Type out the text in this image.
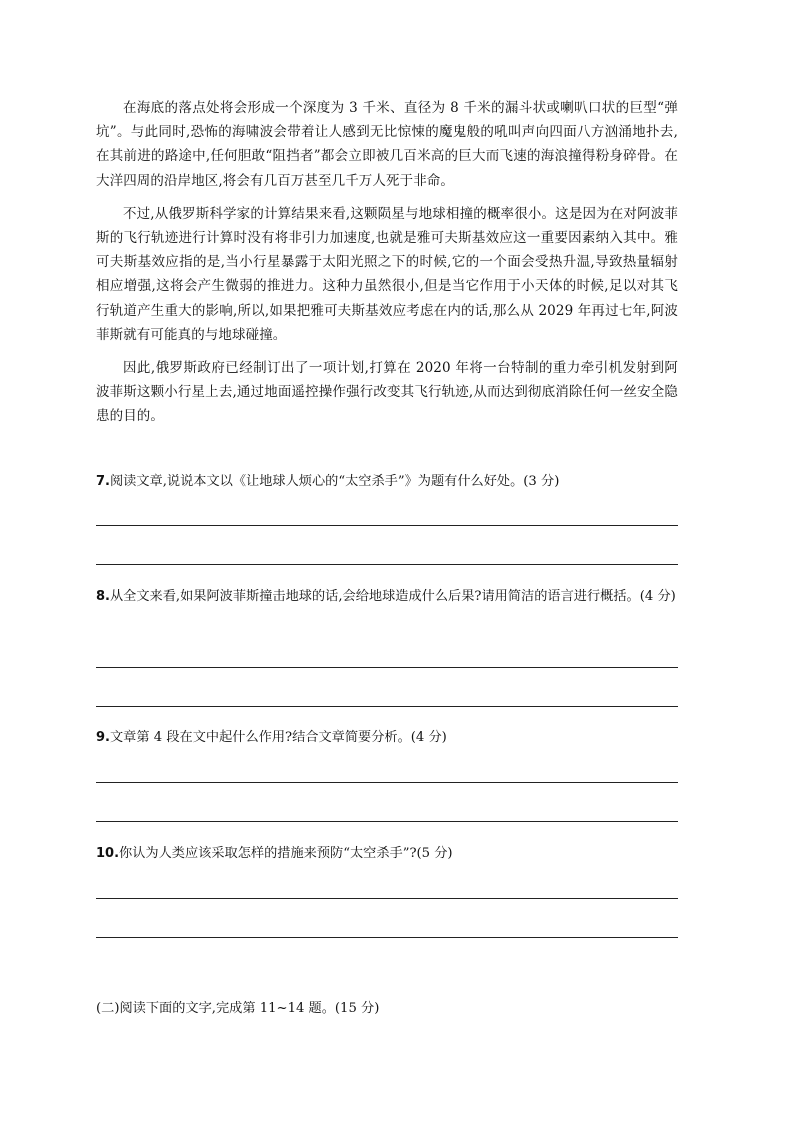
在海底的落点处将会形成一个深度为 3 千米、直径为 8 千米的漏斗状或喇叭口状的巨型“弹坑”。与此同时,恐怖的海啸波会带着让人感到无比惊悚的魔鬼般的吼叫声向四面八方汹涌地扑去,在其前进的路途中,任何胆敢“阻挡者”都会立即被几百米高的巨大而飞速的海浪撞得粉身碎骨。在大洋四周的沿岸地区,将会有几百万甚至几千万人死于非命。

不过,从俄罗斯科学家的计算结果来看,这颗陨星与地球相撞的概率很小。这是因为在对阿波菲斯的飞行轨迹进行计算时没有将非引力加速度,也就是雅可夫斯基效应这一重要因素纳入其中。雅可夫斯基效应指的是,当小行星暴露于太阳光照之下的时候,它的一个面会受热升温,导致热量辐射相应增强,这将会产生微弱的推进力。这种力虽然很小,但是当它作用于小天体的时候,足以对其飞行轨道产生重大的影响,所以,如果把雅可夫斯基效应考虑在内的话,那么从 2029 年再过七年,阿波菲斯就有可能真的与地球碰撞。

因此,俄罗斯政府已经制订出了一项计划,打算在 2020 年将一台特制的重力牵引机发射到阿波菲斯这颗小行星上去,通过地面遥控操作强行改变其飞行轨迹,从而达到彻底消除任何一丝安全隐患的目的。

7.阅读文章,说说本文以《让地球人烦心的“太空杀手”》为题有什么好处。(3 分)

8.从全文来看,如果阿波菲斯撞击地球的话,会给地球造成什么后果?请用简洁的语言进行概括。(4 分)

9.文章第 4 段在文中起什么作用?结合文章简要分析。(4 分)

10.你认为人类应该采取怎样的措施来预防“太空杀手”?(5 分)

(二)阅读下面的文字,完成第 11~14 题。(15 分)
